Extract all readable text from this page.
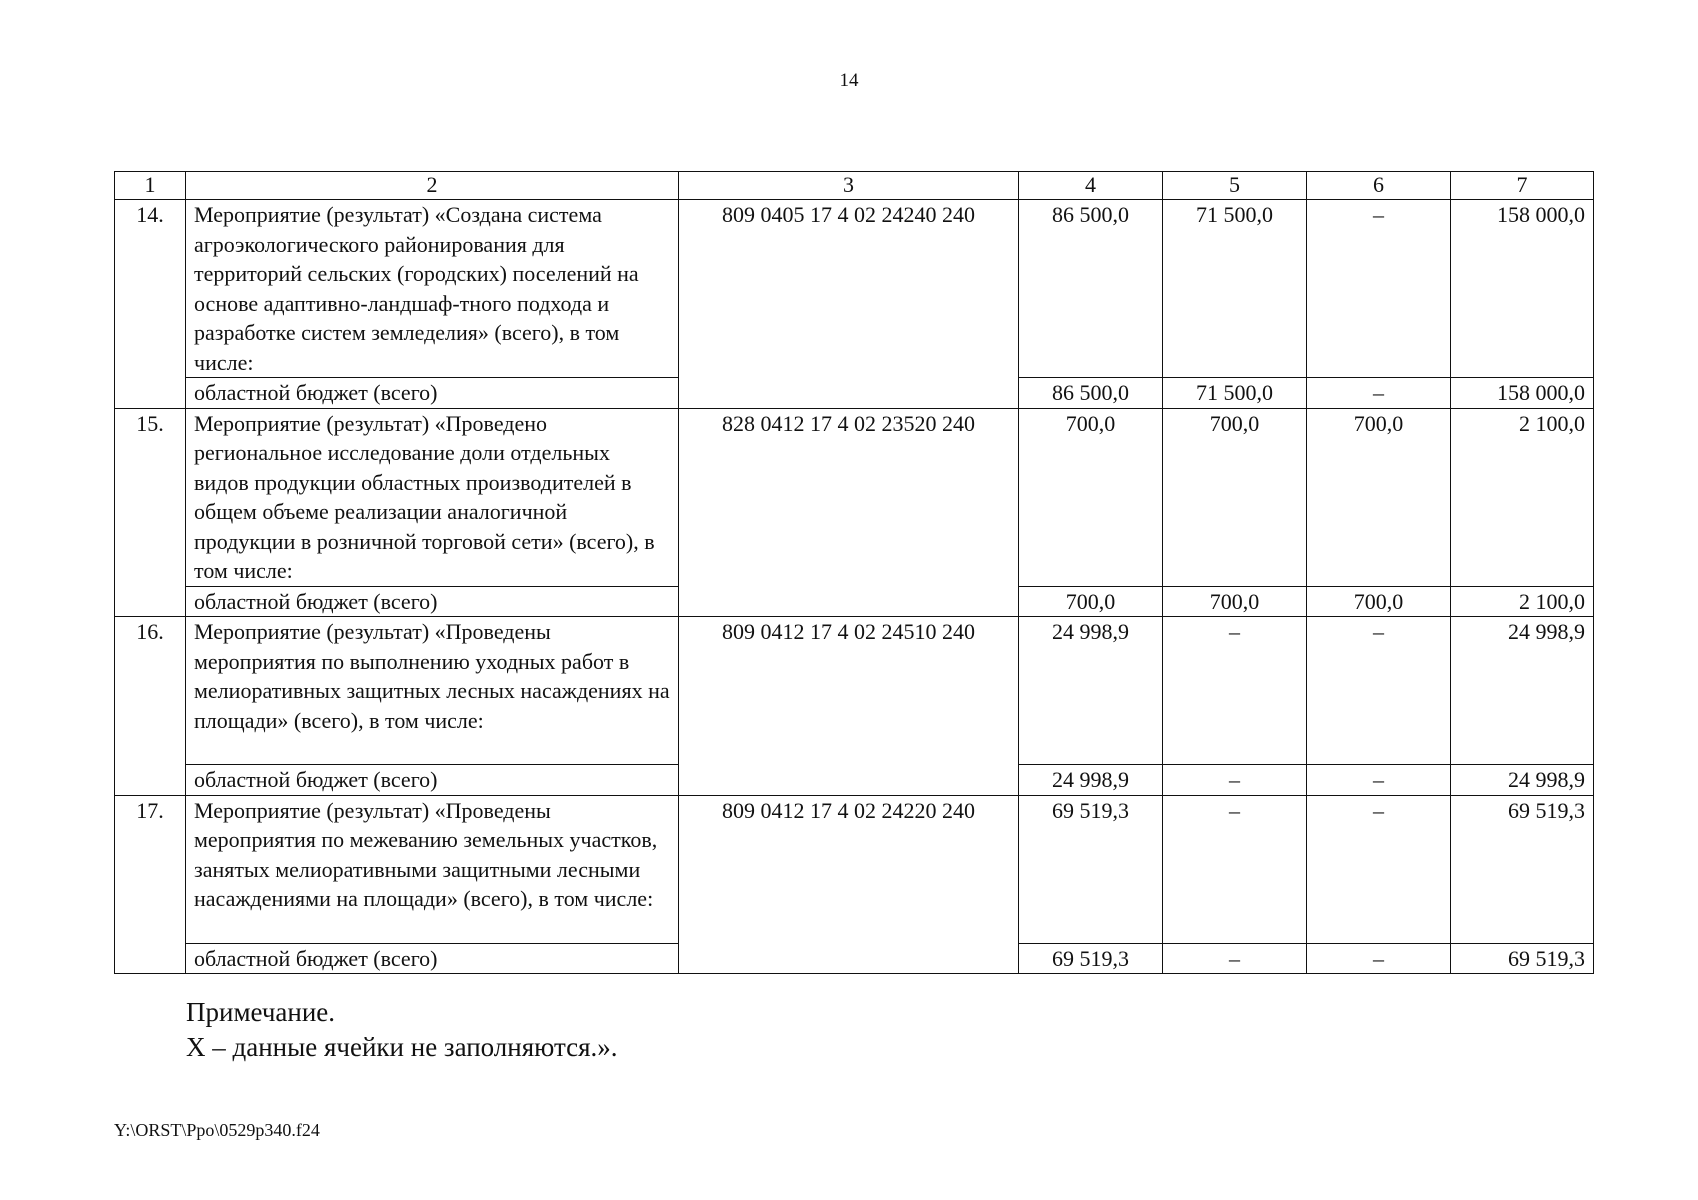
14
1	2	3	4	5	6	7
14.	Мероприятие (результат) «Создана система агроэкологического районирования для территорий сельских (городских) поселений на основе адаптивно-ландшаф-тного подхода и разработке систем земледелия» (всего), в том числе:	809 0405 17 4 02 24240 240	86 500,0	71 500,0	–	158 000,0
	областной бюджет (всего)		86 500,0	71 500,0	–	158 000,0
15.	Мероприятие (результат) «Проведено региональное исследование доли отдельных видов продукции областных производителей в общем объеме реализации аналогичной продукции в розничной торговой сети» (всего), в том числе:	828 0412 17 4 02 23520 240	700,0	700,0	700,0	2 100,0
	областной бюджет (всего)		700,0	700,0	700,0	2 100,0
16.	Мероприятие (результат) «Проведены мероприятия по выполнению уходных работ в мелиоративных защитных лесных насаждениях на площади» (всего), в том числе:	809 0412 17 4 02 24510 240	24 998,9	–	–	24 998,9
	областной бюджет (всего)		24 998,9	–	–	24 998,9
17.	Мероприятие (результат) «Проведены мероприятия по межеванию земельных участков, занятых мелиоративными защитными лесными насаждениями на площади» (всего), в том числе:	809 0412 17 4 02 24220 240	69 519,3	–	–	69 519,3
	областной бюджет (всего)		69 519,3	–	–	69 519,3
Примечание.
Х – данные ячейки не заполняются.».
Y:\ORST\Ppo\0529p340.f24
